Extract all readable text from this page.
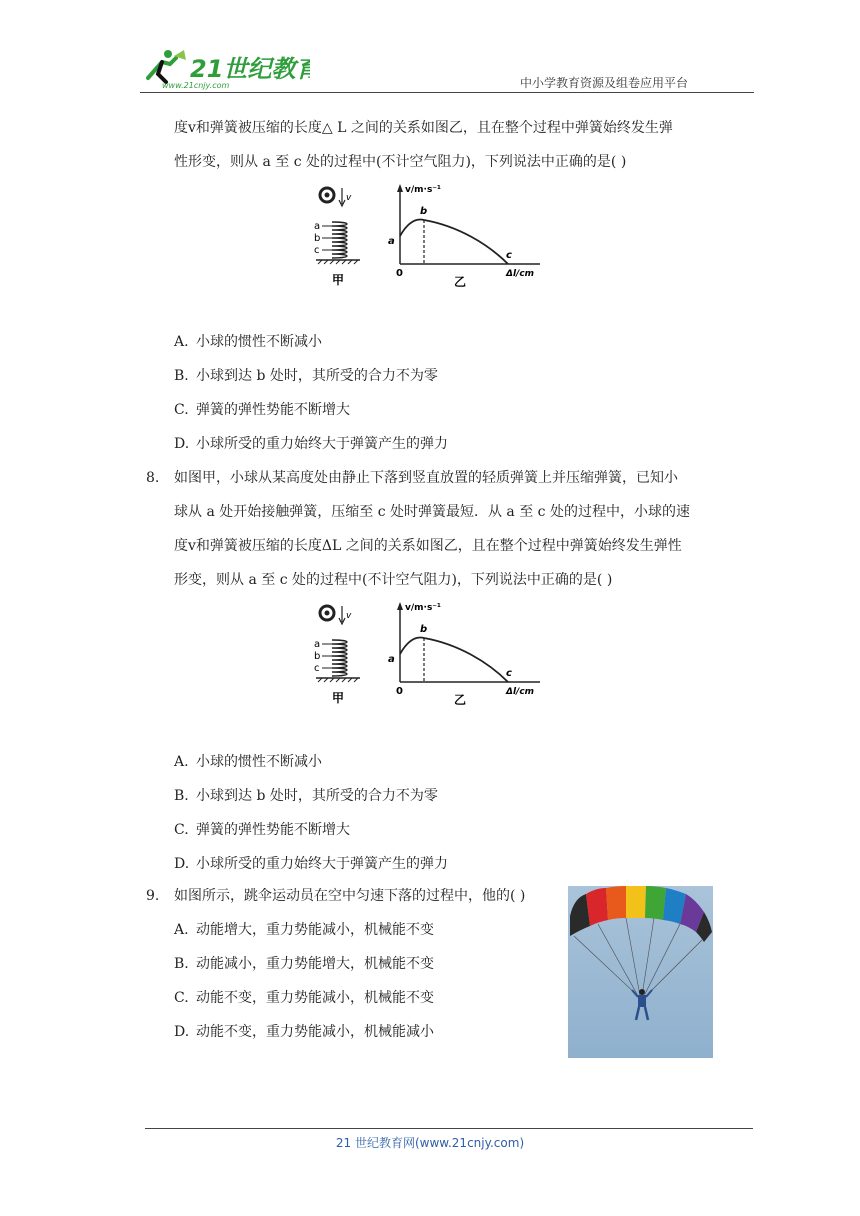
21世纪教育
www.21cnjy.com	中小学教育资源及组卷应用平台
度v和弹簧被压缩的长度△ L 之间的关系如图乙，且在整个过程中弹簧始终发生弹
性形变，则从 a 至 c 处的过程中(不计空气阻力)，下列说法中正确的是( )
v
a
b
c
甲
v/m·s⁻¹
b
a
c
0	Δl/cm
乙
A. 小球的惯性不断减小
B. 小球到达 b 处时，其所受的合力不为零
C. 弹簧的弹性势能不断增大
D. 小球所受的重力始终大于弹簧产生的弹力
8. 如图甲，小球从某高度处由静止下落到竖直放置的轻质弹簧上并压缩弹簧，已知小
球从 a 处开始接触弹簧，压缩至 c 处时弹簧最短．从 a 至 c 处的过程中，小球的速
度v和弹簧被压缩的长度ΔL 之间的关系如图乙，且在整个过程中弹簧始终发生弹性
形变，则从 a 至 c 处的过程中(不计空气阻力)，下列说法中正确的是( )
v
a
b
c
甲
v/m·s⁻¹
b
a
c
0	Δl/cm
乙
A. 小球的惯性不断减小
B. 小球到达 b 处时，其所受的合力不为零
C. 弹簧的弹性势能不断增大
D. 小球所受的重力始终大于弹簧产生的弹力
9. 如图所示，跳伞运动员在空中匀速下落的过程中，他的( )
A. 动能增大，重力势能减小，机械能不变
B. 动能减小，重力势能增大，机械能不变
C. 动能不变，重力势能减小，机械能不变
D. 动能不变，重力势能减小，机械能减小
21 世纪教育网(www.21cnjy.com)
